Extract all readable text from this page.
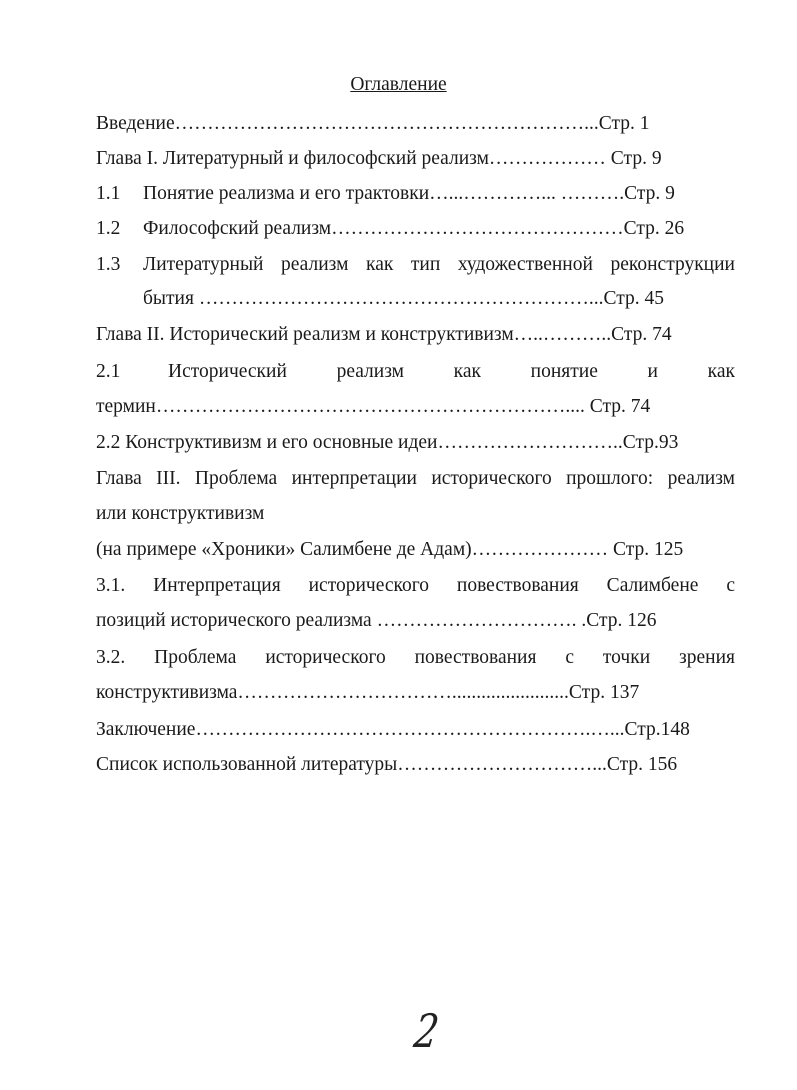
Оглавление
Введение………………………………………………………...Стр. 1
Глава I. Литературный и философский реализм……………… Стр. 9
1.1 Понятие реализма и его трактовки…...…………... ……….Стр. 9
1.2 Философский реализм………………………………………Стр. 26
1.3 Литературный реализм как тип художественной реконструкции
бытия ……………………………………………………...Стр. 45
Глава II. Исторический реализм и конструктивизм…..………..Стр. 74
2.1 Исторический реализм как понятие и как
термин……………………………………………………….... Стр. 74
2.2 Конструктивизм и его основные идеи………………………..Стр.93
Глава III. Проблема интерпретации исторического прошлого: реализм
или конструктивизм
(на примере «Хроники» Салимбене де Адам)………………… Стр. 125
3.1. Интерпретация исторического повествования Салимбене с
позиций исторического реализма …………………………. .Стр. 126
3.2. Проблема исторического повествования с точки зрения
конструктивизма……………………………........................Стр. 137
Заключение…………………………………………………….…...Стр.148
Список использованной литературы…………………………...Стр. 156
2
